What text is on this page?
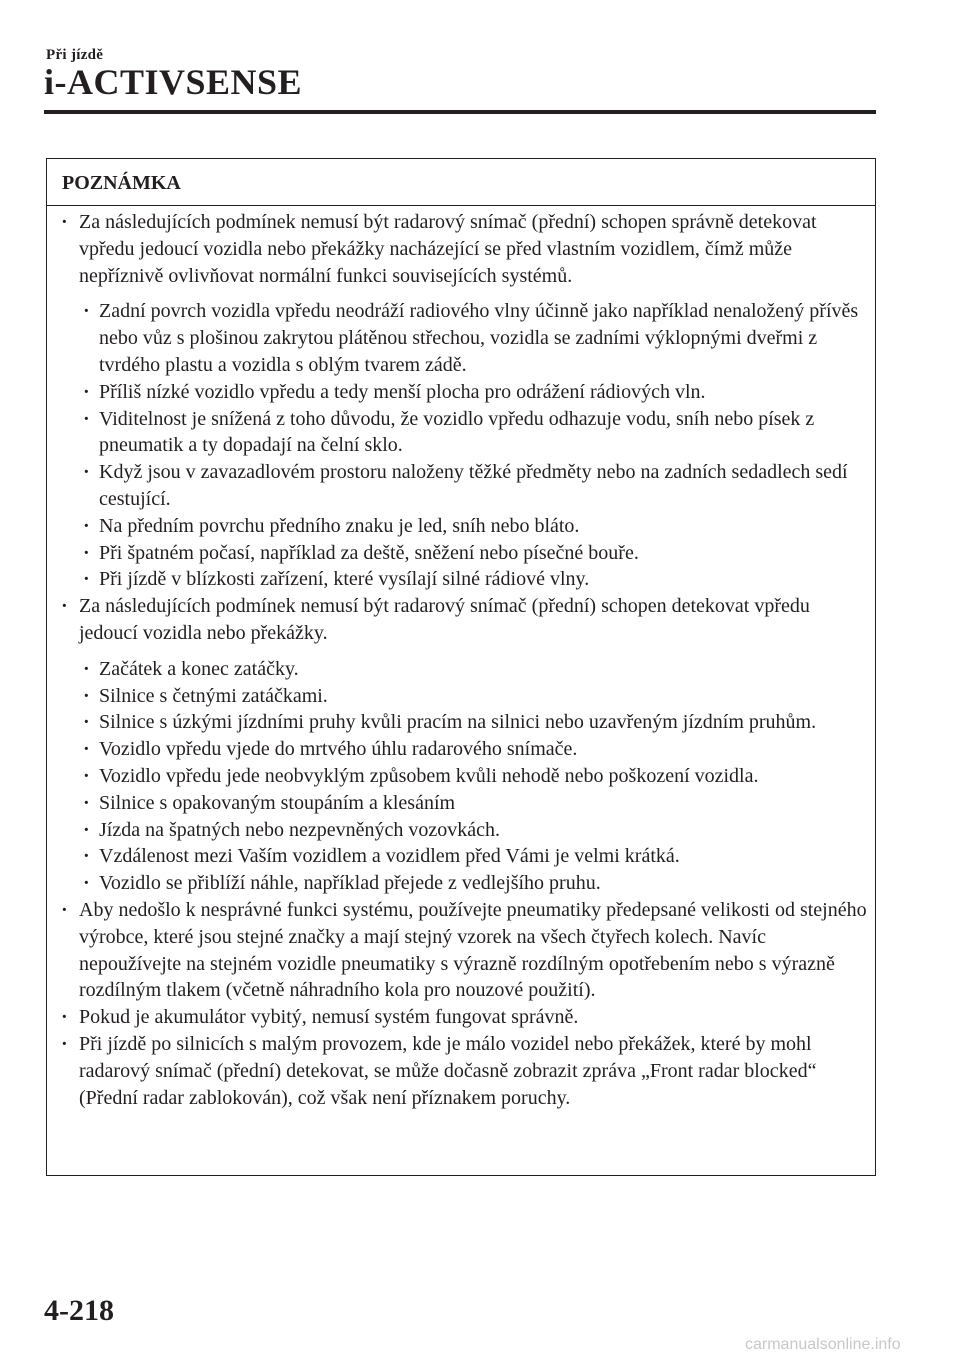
Při jízdě
i-ACTIVSENSE
POZNÁMKA
· Za následujících podmínek nemusí být radarový snímač (přední) schopen správně detekovat vpředu jedoucí vozidla nebo překážky nacházející se před vlastním vozidlem, čímž může nepříznivě ovlivňovat normální funkci souvisejících systémů.
· Zadní povrch vozidla vpředu neodráží radiového vlny účinně jako například nenaložený přívěs nebo vůz s plošinou zakrytou plátěnou střechou, vozidla se zadními výklopnými dveřmi z tvrdého plastu a vozidla s oblým tvarem zádě.
· Příliš nízké vozidlo vpředu a tedy menší plocha pro odrážení rádiových vln.
· Viditelnost je snížená z toho důvodu, že vozidlo vpředu odhazuje vodu, sníh nebo písek z pneumatik a ty dopadají na čelní sklo.
· Když jsou v zavazadlovém prostoru naloženy těžké předměty nebo na zadních sedadlech sedí cestující.
· Na předním povrchu předního znaku je led, sníh nebo bláto.
· Při špatném počasí, například za deště, sněžení nebo písečné bouře.
· Při jízdě v blízkosti zařízení, které vysílají silné rádiové vlny.
· Za následujících podmínek nemusí být radarový snímač (přední) schopen detekovat vpředu jedoucí vozidla nebo překážky.
· Začátek a konec zatáčky.
· Silnice s četnými zatáčkami.
· Silnice s úzkými jízdními pruhy kvůli pracím na silnici nebo uzavřeným jízdním pruhům.
· Vozidlo vpředu vjede do mrtvého úhlu radarového snímače.
· Vozidlo vpředu jede neobvyklým způsobem kvůli nehodě nebo poškození vozidla.
· Silnice s opakovaným stoupáním a klesáním
· Jízda na špatných nebo nezpevněných vozovkách.
· Vzdálenost mezi Vaším vozidlem a vozidlem před Vámi je velmi krátká.
· Vozidlo se přiblíží náhle, například přejede z vedlejšího pruhu.
· Aby nedošlo k nesprávné funkci systému, používejte pneumatiky předepsané velikosti od stejného výrobce, které jsou stejné značky a mají stejný vzorek na všech čtyřech kolech. Navíc nepoužívejte na stejném vozidle pneumatiky s výrazně rozdílným opotřebením nebo s výrazně rozdílným tlakem (včetně náhradního kola pro nouzové použití).
· Pokud je akumulátor vybitý, nemusí systém fungovat správně.
· Při jízdě po silnicích s malým provozem, kde je málo vozidel nebo překážek, které by mohl radarový snímač (přední) detekovat, se může dočasně zobrazit zpráva „Front radar blocked“ (Přední radar zablokován), což však není příznakem poruchy.
4-218
carmanualsonline.info
